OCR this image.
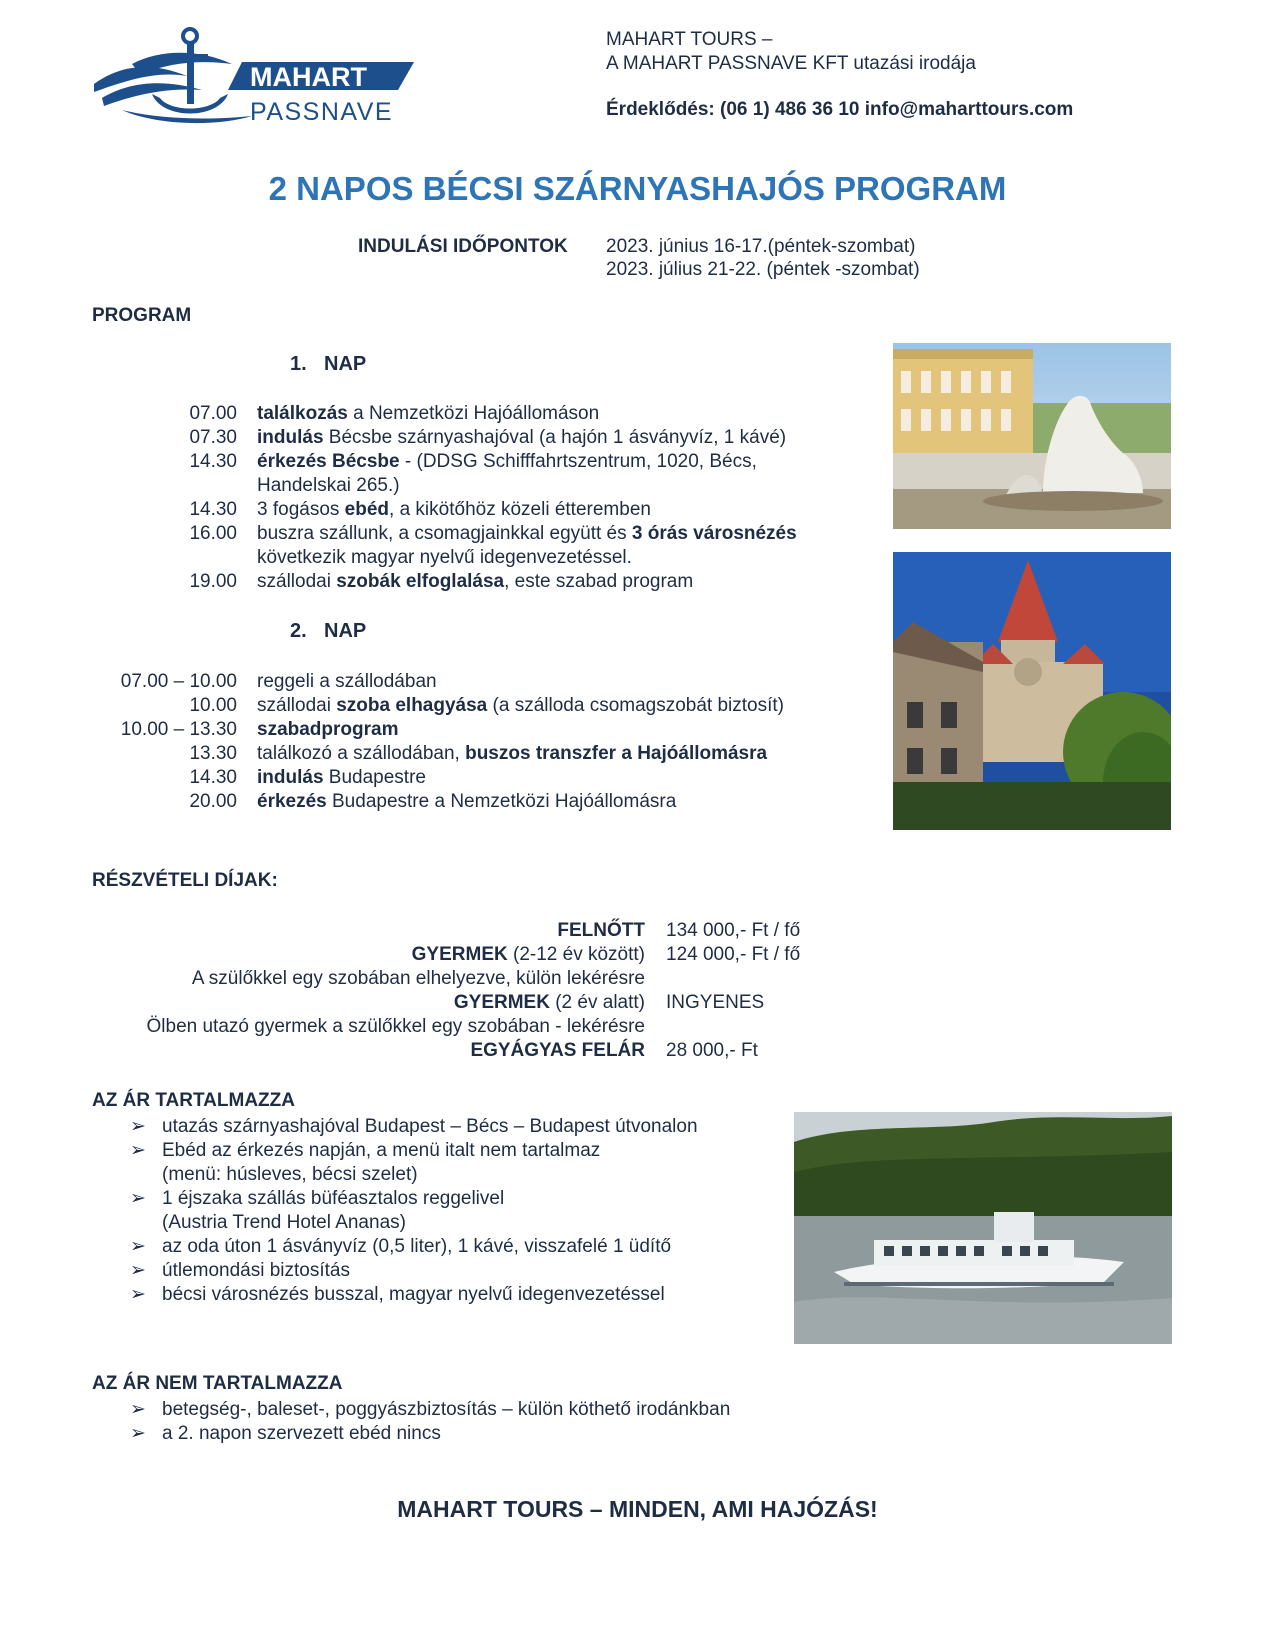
MAHART
PASSNAVE
MAHART TOURS –
A MAHART PASSNAVE KFT utazási irodája
Érdeklődés: (06 1) 486 36 10 info@maharttours.com
2 NAPOS BÉCSI SZÁRNYASHAJÓS PROGRAM
INDULÁSI IDŐPONTOK 2023. június 16-17.(péntek-szombat)
2023. július 21-22. (péntek -szombat)
PROGRAM
1. NAP
07.00 találkozás a Nemzetközi Hajóállomáson
07.30 indulás Bécsbe szárnyashajóval (a hajón 1 ásványvíz, 1 kávé)
14.30 érkezés Bécsbe - (DDSG Schifffahrtszentrum, 1020, Bécs, Handelskai 265.)
14.30 3 fogásos ebéd, a kikötőhöz közeli étteremben
16.00 buszra szállunk, a csomagjainkkal együtt és 3 órás városnézés következik magyar nyelvű idegenvezetéssel.
19.00 szállodai szobák elfoglalása, este szabad program
2. NAP
07.00 – 10.00 reggeli a szállodában
10.00 szállodai szoba elhagyása (a szálloda csomagszobát biztosít)
10.00 – 13.30 szabadprogram
13.30 találkozó a szállodában, buszos transzfer a Hajóállomásra
14.30 indulás Budapestre
20.00 érkezés Budapestre a Nemzetközi Hajóállomásra
RÉSZVÉTELI DÍJAK:
FELNŐTT 134 000,- Ft / fő
GYERMEK (2-12 év között) 124 000,- Ft / fő
A szülőkkel egy szobában elhelyezve, külön lekérésre
GYERMEK (2 év alatt) INGYENES
Ölben utazó gyermek a szülőkkel egy szobában - lekérésre
EGYÁGYAS FELÁR 28 000,- Ft
AZ ÁR TARTALMAZZA
➢ utazás szárnyashajóval Budapest – Bécs – Budapest útvonalon
➢ Ebéd az érkezés napján, a menü italt nem tartalmaz
(menü: húsleves, bécsi szelet)
➢ 1 éjszaka szállás büféasztalos reggelivel
(Austria Trend Hotel Ananas)
➢ az oda úton 1 ásványvíz (0,5 liter), 1 kávé, visszafelé 1 üdítő
➢ útlemondási biztosítás
➢ bécsi városnézés busszal, magyar nyelvű idegenvezetéssel
AZ ÁR NEM TARTALMAZZA
➢ betegség-, baleset-, poggyászbiztosítás – külön köthető irodánkban
➢ a 2. napon szervezett ebéd nincs
MAHART TOURS – MINDEN, AMI HAJÓZÁS!
